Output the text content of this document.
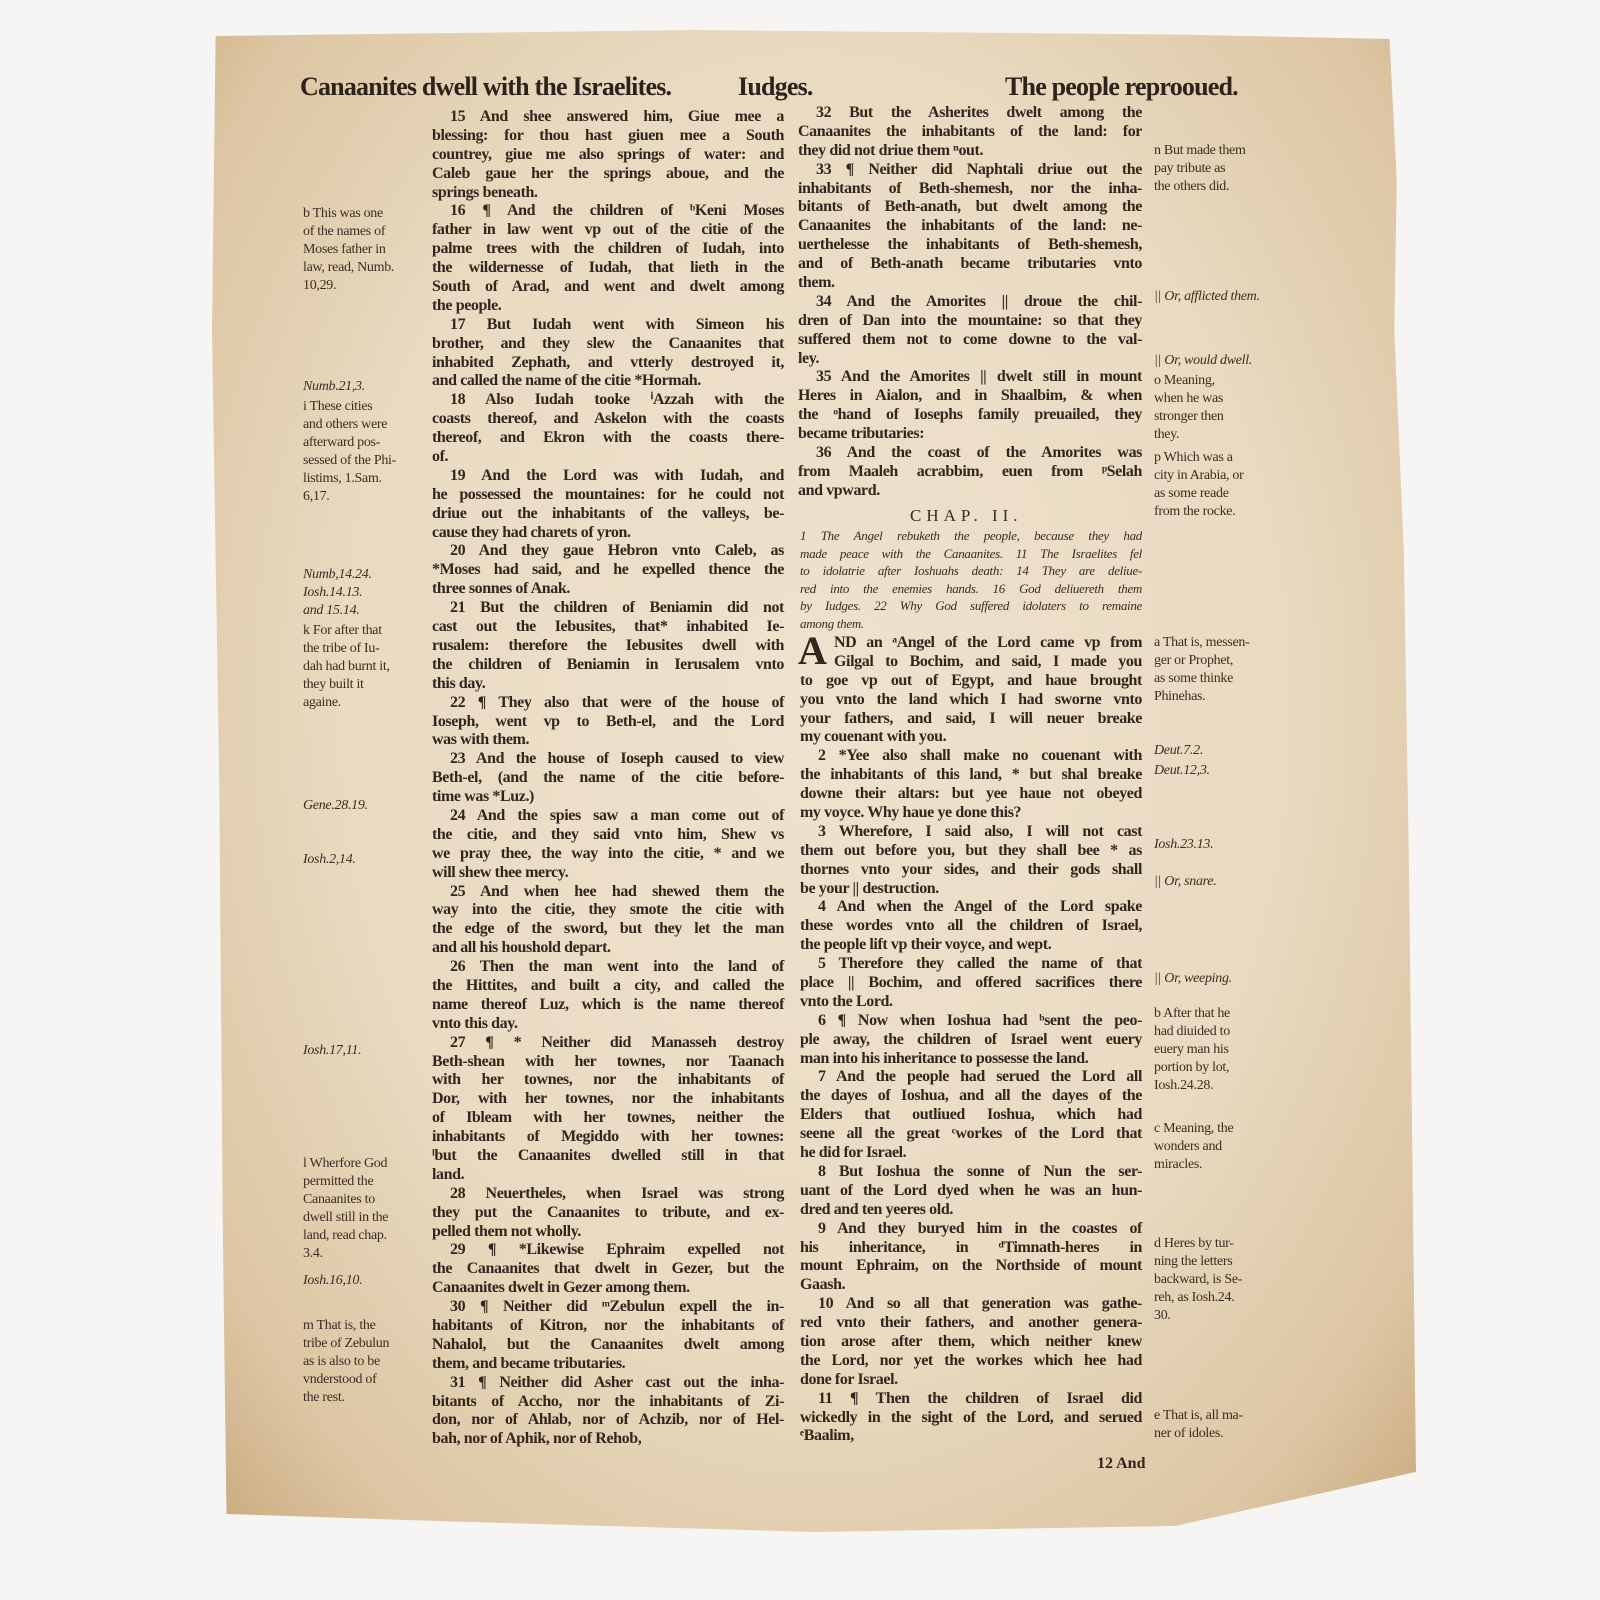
Canaanites dwell with the Israelites.	Iudges.	The people reprooued.
15 And shee answered him, Giue mee a
blessing: for thou hast giuen mee a South
countrey, giue me also springs of water: and
Caleb gaue her the springs aboue, and the
springs beneath.
16 ¶ And the children of ᵇKeni Moses
father in law went vp out of the citie of the
palme trees with the children of Iudah, into
the wildernesse of Iudah, that lieth in the
South of Arad, and went and dwelt among
the people.
17 But Iudah went with Simeon his
brother, and they slew the Canaanites that
inhabited Zephath, and vtterly destroyed it,
and called the name of the citie *Hormah.
18 Also Iudah tooke ⁱAzzah with the
coasts thereof, and Askelon with the coasts
thereof, and Ekron with the coasts there-
of.
19 And the Lord was with Iudah, and
he possessed the mountaines: for he could not
driue out the inhabitants of the valleys, be-
cause they had charets of yron.
20 And they gaue Hebron vnto Caleb, as
*Moses had said, and he expelled thence the
three sonnes of Anak.
21 But the children of Beniamin did not
cast out the Iebusites, that* inhabited Ie-
rusalem: therefore the Iebusites dwell with
the children of Beniamin in Ierusalem vnto
this day.
22 ¶ They also that were of the house of
Ioseph, went vp to Beth-el, and the Lord
was with them.
23 And the house of Ioseph caused to view
Beth-el, (and the name of the citie before-
time was *Luz.)
24 And the spies saw a man come out of
the citie, and they said vnto him, Shew vs
we pray thee, the way into the citie, * and we
will shew thee mercy.
25 And when hee had shewed them the
way into the citie, they smote the citie with
the edge of the sword, but they let the man
and all his houshold depart.
26 Then the man went into the land of
the Hittites, and built a city, and called the
name thereof Luz, which is the name thereof
vnto this day.
27 ¶ * Neither did Manasseh destroy
Beth-shean with her townes, nor Taanach
with her townes, nor the inhabitants of
Dor, with her townes, nor the inhabitants
of Ibleam with her townes, neither the
inhabitants of Megiddo with her townes:
ˡbut the Canaanites dwelled still in that
land.
28 Neuertheles, when Israel was strong
they put the Canaanites to tribute, and ex-
pelled them not wholly.
29 ¶ *Likewise Ephraim expelled not
the Canaanites that dwelt in Gezer, but the
Canaanites dwelt in Gezer among them.
30 ¶ Neither did ᵐZebulun expell the in-
habitants of Kitron, nor the inhabitants of
Nahalol, but the Canaanites dwelt among
them, and became tributaries.
31 ¶ Neither did Asher cast out the inha-
bitants of Accho, nor the inhabitants of Zi-
don, nor of Ahlab, nor of Achzib, nor of Hel-
bah, nor of Aphik, nor of Rehob,
32 But the Asherites dwelt among the
Canaanites the inhabitants of the land: for
they did not driue them ⁿout.
33 ¶ Neither did Naphtali driue out the
inhabitants of Beth-shemesh, nor the inha-
bitants of Beth-anath, but dwelt among the
Canaanites the inhabitants of the land: ne-
uerthelesse the inhabitants of Beth-shemesh,
and of Beth-anath became tributaries vnto
them.
34 And the Amorites || droue the chil-
dren of Dan into the mountaine: so that they
suffered them not to come downe to the val-
ley.
35 And the Amorites || dwelt still in mount
Heres in Aialon, and in Shaalbim, & when
the ᵒhand of Iosephs family preuailed, they
became tributaries:
36 And the coast of the Amorites was
from Maaleh acrabbim, euen from ᵖSelah
and vpward.
CHAP. II.
1 The Angel rebuketh the people, because they had
made peace with the Canaanites. 11 The Israelites fel
to idolatrie after Ioshuahs death: 14 They are deliue-
red into the enemies hands. 16 God deliuereth them
by Iudges. 22 Why God suffered idolaters to remaine
among them.
A ND an ᵃAngel of the Lord came vp from
Gilgal to Bochim, and said, I made you
to goe vp out of Egypt, and haue brought
you vnto the land which I had sworne vnto
your fathers, and said, I will neuer breake
my couenant with you.
2 *Yee also shall make no couenant with
the inhabitants of this land, * but shal breake
downe their altars: but yee haue not obeyed
my voyce. Why haue ye done this?
3 Wherefore, I said also, I will not cast
them out before you, but they shall bee * as
thornes vnto your sides, and their gods shall
be your || destruction.
4 And when the Angel of the Lord spake
these wordes vnto all the children of Israel,
the people lift vp their voyce, and wept.
5 Therefore they called the name of that
place || Bochim, and offered sacrifices there
vnto the Lord.
6 ¶ Now when Ioshua had ᵇsent the peo-
ple away, the children of Israel went euery
man into his inheritance to possesse the land.
7 And the people had serued the Lord all
the dayes of Ioshua, and all the dayes of the
Elders that outliued Ioshua, which had
seene all the great ᶜworkes of the Lord that
he did for Israel.
8 But Ioshua the sonne of Nun the ser-
uant of the Lord dyed when he was an hun-
dred and ten yeeres old.
9 And they buryed him in the coastes of
his inheritance, in ᵈTimnath-heres in
mount Ephraim, on the Northside of mount
Gaash.
10 And so all that generation was gathe-
red vnto their fathers, and another genera-
tion arose after them, which neither knew
the Lord, nor yet the workes which hee had
done for Israel.
11 ¶ Then the children of Israel did
wickedly in the sight of the Lord, and serued
ᵉBaalim,
12 And
b This was one
of the names of
Moses father in
law, read, Numb.
10,29.
Numb.21,3.
i These cities
and others were
afterward pos-
sessed of the Phi-
listims, 1.Sam.
6,17.
Numb,14.24.
Iosh.14.13.
and 15.14.
k For after that
the tribe of Iu-
dah had burnt it,
they built it
againe.
Gene.28.19.
Iosh.2,14.
Iosh.17,11.
l Wherfore God
permitted the
Canaanites to
dwell still in the
land, read chap.
3.4.
Iosh.16,10.
m That is, the
tribe of Zebulun
as is also to be
vnderstood of
the rest.
n But made them
pay tribute as
the others did.
|| Or, afflicted them.
|| Or, would dwell.
o Meaning,
when he was
stronger then
they.
p Which was a
city in Arabia, or
as some reade
from the rocke.
a That is, messen-
ger or Prophet,
as some thinke
Phinehas.
Deut.7.2.
Deut.12,3.
Iosh.23.13.
|| Or, snare.
|| Or, weeping.
b After that he
had diuided to
euery man his
portion by lot,
Iosh.24.28.
c Meaning, the
wonders and
miracles.
d Heres by tur-
ning the letters
backward, is Se-
reh, as Iosh.24.
30.
e That is, all ma-
ner of idoles.
